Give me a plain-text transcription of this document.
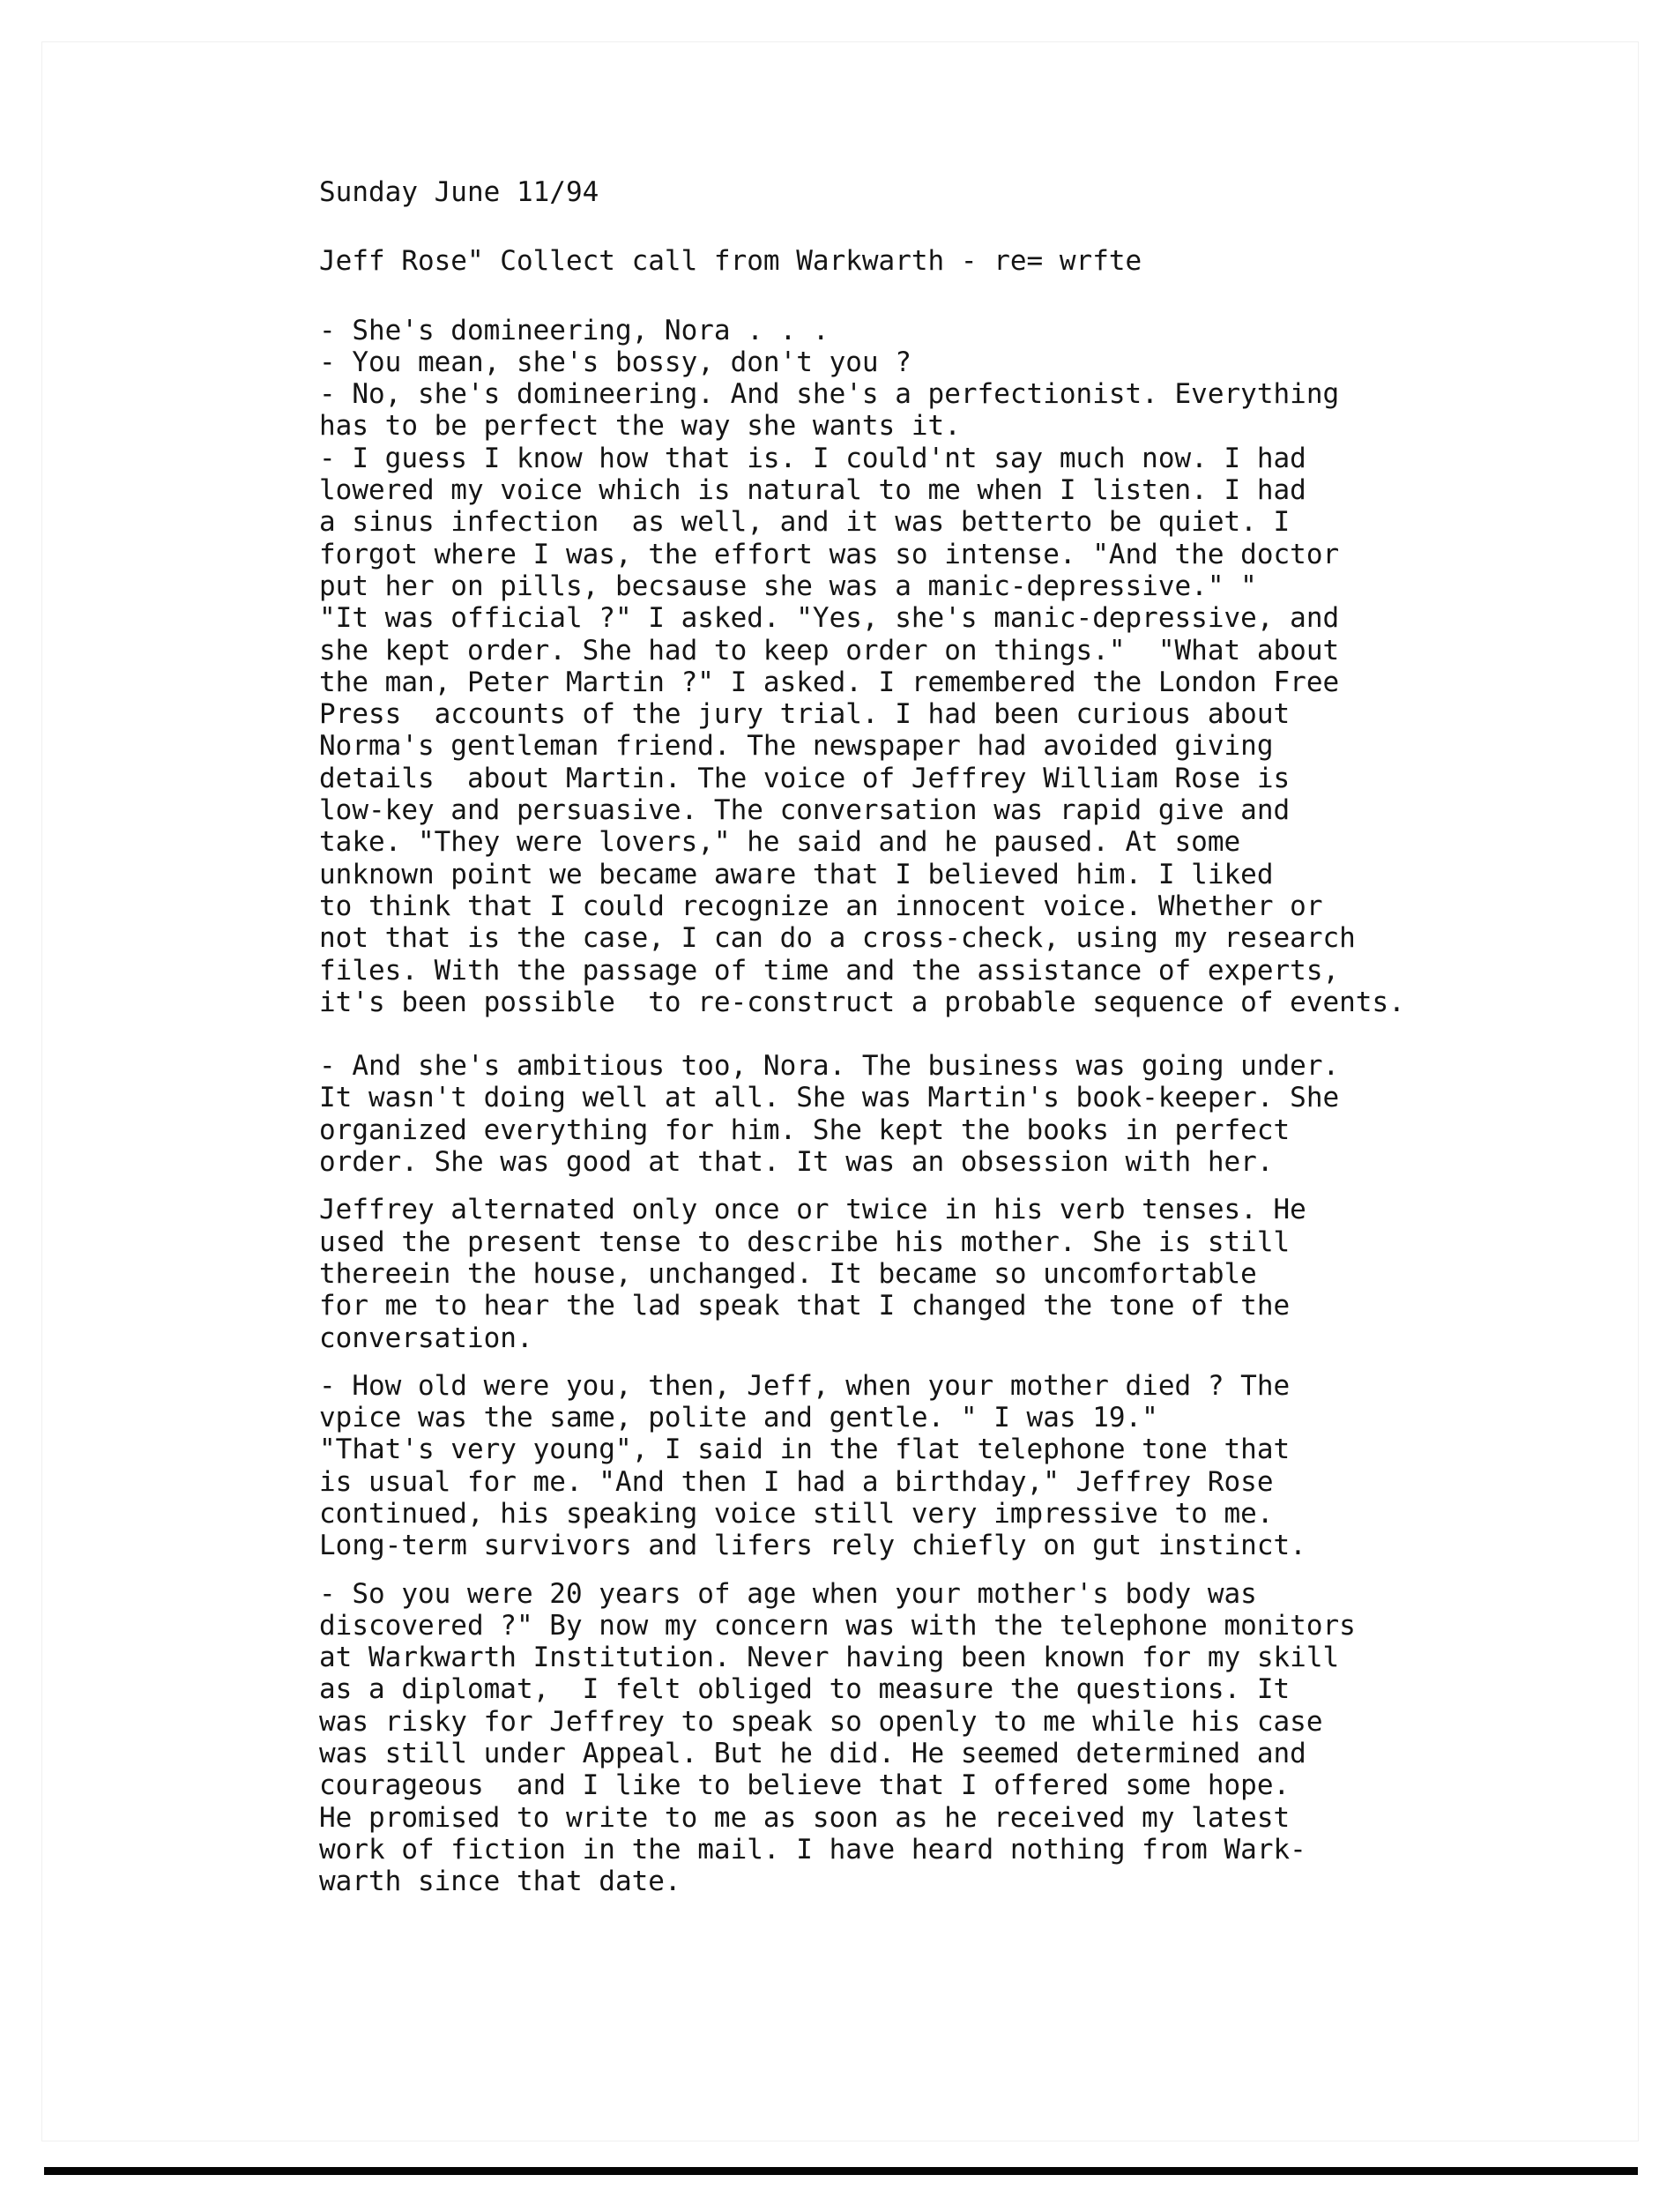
Sunday June 11/94

Jeff Rose" Collect call from Warkwarth - re= wrfte

- She's domineering, Nora . . .
- You mean, she's bossy, don't you ?
- No, she's domineering. And she's a perfectionist. Everything
has to be perfect the way she wants it.
- I guess I know how that is. I could'nt say much now. I had
lowered my voice which is natural to me when I listen. I had
a sinus infection  as well, and it was betterto be quiet. I
forgot where I was, the effort was so intense. "And the doctor
put her on pills, becsause she was a manic-depressive." "
"It was official ?" I asked. "Yes, she's manic-depressive, and
she kept order. She had to keep order on things."  "What about
the man, Peter Martin ?" I asked. I remembered the London Free
Press  accounts of the jury trial. I had been curious about
Norma's gentleman friend. The newspaper had avoided giving
details  about Martin. The voice of Jeffrey William Rose is
low-key and persuasive. The conversation was rapid give and
take. "They were lovers," he said and he paused. At some
unknown point we became aware that I believed him. I liked
to think that I could recognize an innocent voice. Whether or
not that is the case, I can do a cross-check, using my research
files. With the passage of time and the assistance of experts,
it's been possible  to re-construct a probable sequence of events.

- And she's ambitious too, Nora. The business was going under.
It wasn't doing well at all. She was Martin's book-keeper. She
organized everything for him. She kept the books in perfect
order. She was good at that. It was an obsession with her.

Jeffrey alternated only once or twice in his verb tenses. He
used the present tense to describe his mother. She is still
thereein the house, unchanged. It became so uncomfortable
for me to hear the lad speak that I changed the tone of the
conversation.

- How old were you, then, Jeff, when your mother died ? The
vpice was the same, polite and gentle. " I was 19."
"That's very young", I said in the flat telephone tone that
is usual for me. "And then I had a birthday," Jeffrey Rose
continued, his speaking voice still very impressive to me.
Long-term survivors and lifers rely chiefly on gut instinct.

- So you were 20 years of age when your mother's body was
discovered ?" By now my concern was with the telephone monitors
at Warkwarth Institution. Never having been known for my skill
as a diplomat,  I felt obliged to measure the questions. It
was risky for Jeffrey to speak so openly to me while his case
was still under Appeal. But he did. He seemed determined and
courageous  and I like to believe that I offered some hope.
He promised to write to me as soon as he received my latest
work of fiction in the mail. I have heard nothing from Wark-
warth since that date.
